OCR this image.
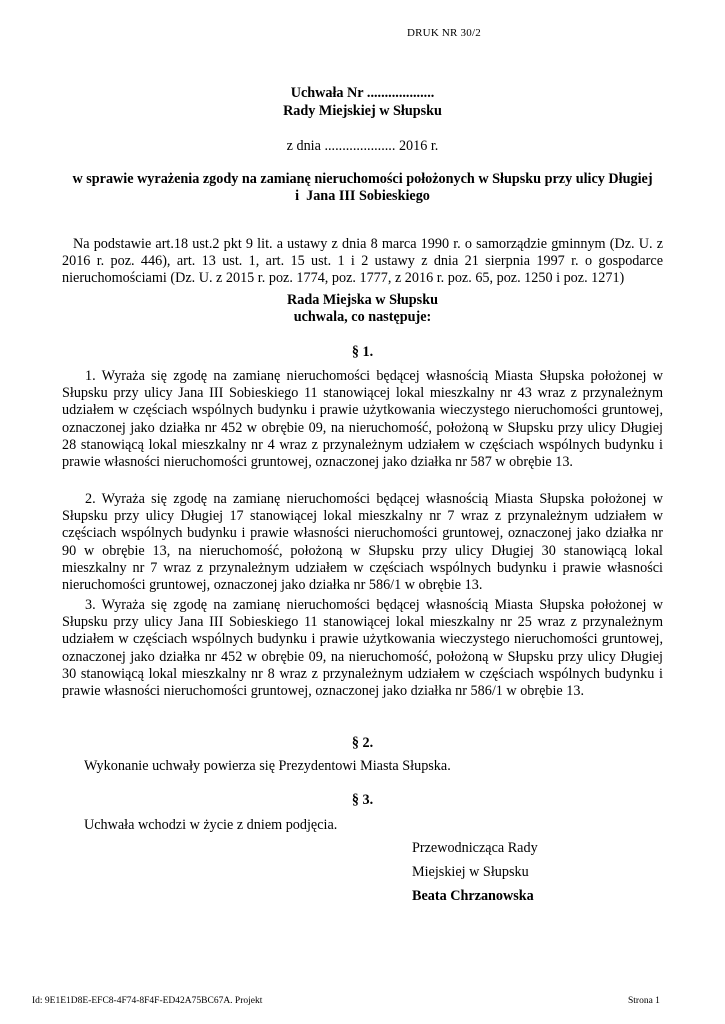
DRUK NR 30/2
Uchwała Nr ...................
Rady Miejskiej w Słupsku
z dnia .................... 2016 r.
w sprawie wyrażenia zgody na zamianę nieruchomości położonych w Słupsku przy ulicy Długiej
i  Jana III Sobieskiego
Na podstawie art.18 ust.2 pkt 9 lit. a ustawy z dnia 8 marca 1990 r. o samorządzie gminnym (Dz. U. z 2016 r. poz. 446), art. 13 ust. 1, art. 15 ust. 1 i 2 ustawy z dnia 21 sierpnia 1997 r. o gospodarce nieruchomościami (Dz. U. z 2015 r. poz. 1774, poz. 1777, z 2016 r. poz. 65, poz. 1250 i poz. 1271)
Rada Miejska w Słupsku
uchwala, co następuje:
§ 1.
1. Wyraża się zgodę na zamianę nieruchomości będącej własnością Miasta Słupska położonej w Słupsku przy ulicy Jana III Sobieskiego 11 stanowiącej lokal mieszkalny nr 43 wraz z przynależnym udziałem w częściach wspólnych budynku i prawie użytkowania wieczystego nieruchomości gruntowej, oznaczonej jako działka nr 452 w obrębie 09, na nieruchomość, położoną w Słupsku przy ulicy Długiej 28 stanowiącą lokal mieszkalny nr 4 wraz z przynależnym udziałem w częściach wspólnych budynku i prawie własności nieruchomości gruntowej, oznaczonej jako działka nr 587 w obrębie 13.
2. Wyraża się zgodę na zamianę nieruchomości będącej własnością Miasta Słupska położonej w Słupsku przy ulicy Długiej 17 stanowiącej lokal mieszkalny nr 7 wraz z przynależnym udziałem w częściach wspólnych budynku i prawie własności nieruchomości gruntowej, oznaczonej jako działka nr 90 w obrębie 13, na nieruchomość, położoną w Słupsku przy ulicy Długiej 30 stanowiącą lokal mieszkalny nr 7 wraz z przynależnym udziałem w częściach wspólnych budynku i prawie własności nieruchomości gruntowej, oznaczonej jako działka nr 586/1 w obrębie 13.
3. Wyraża się zgodę na zamianę nieruchomości będącej własnością Miasta Słupska położonej w Słupsku przy ulicy Jana III Sobieskiego 11 stanowiącej lokal mieszkalny nr 25 wraz z przynależnym udziałem w częściach wspólnych budynku i prawie użytkowania wieczystego nieruchomości gruntowej, oznaczonej jako działka nr 452 w obrębie 09, na nieruchomość, położoną w Słupsku przy ulicy Długiej 30 stanowiącą lokal mieszkalny nr 8 wraz z przynależnym udziałem w częściach wspólnych budynku i prawie własności nieruchomości gruntowej, oznaczonej jako działka nr 586/1 w obrębie 13.
§ 2.
Wykonanie uchwały powierza się Prezydentowi Miasta Słupska.
§ 3.
Uchwała wchodzi w życie z dniem podjęcia.
Przewodnicząca Rady
Miejskiej w Słupsku
Beata Chrzanowska
Id: 9E1E1D8E-EFC8-4F74-8F4F-ED42A75BC67A. Projekt	Strona 1
